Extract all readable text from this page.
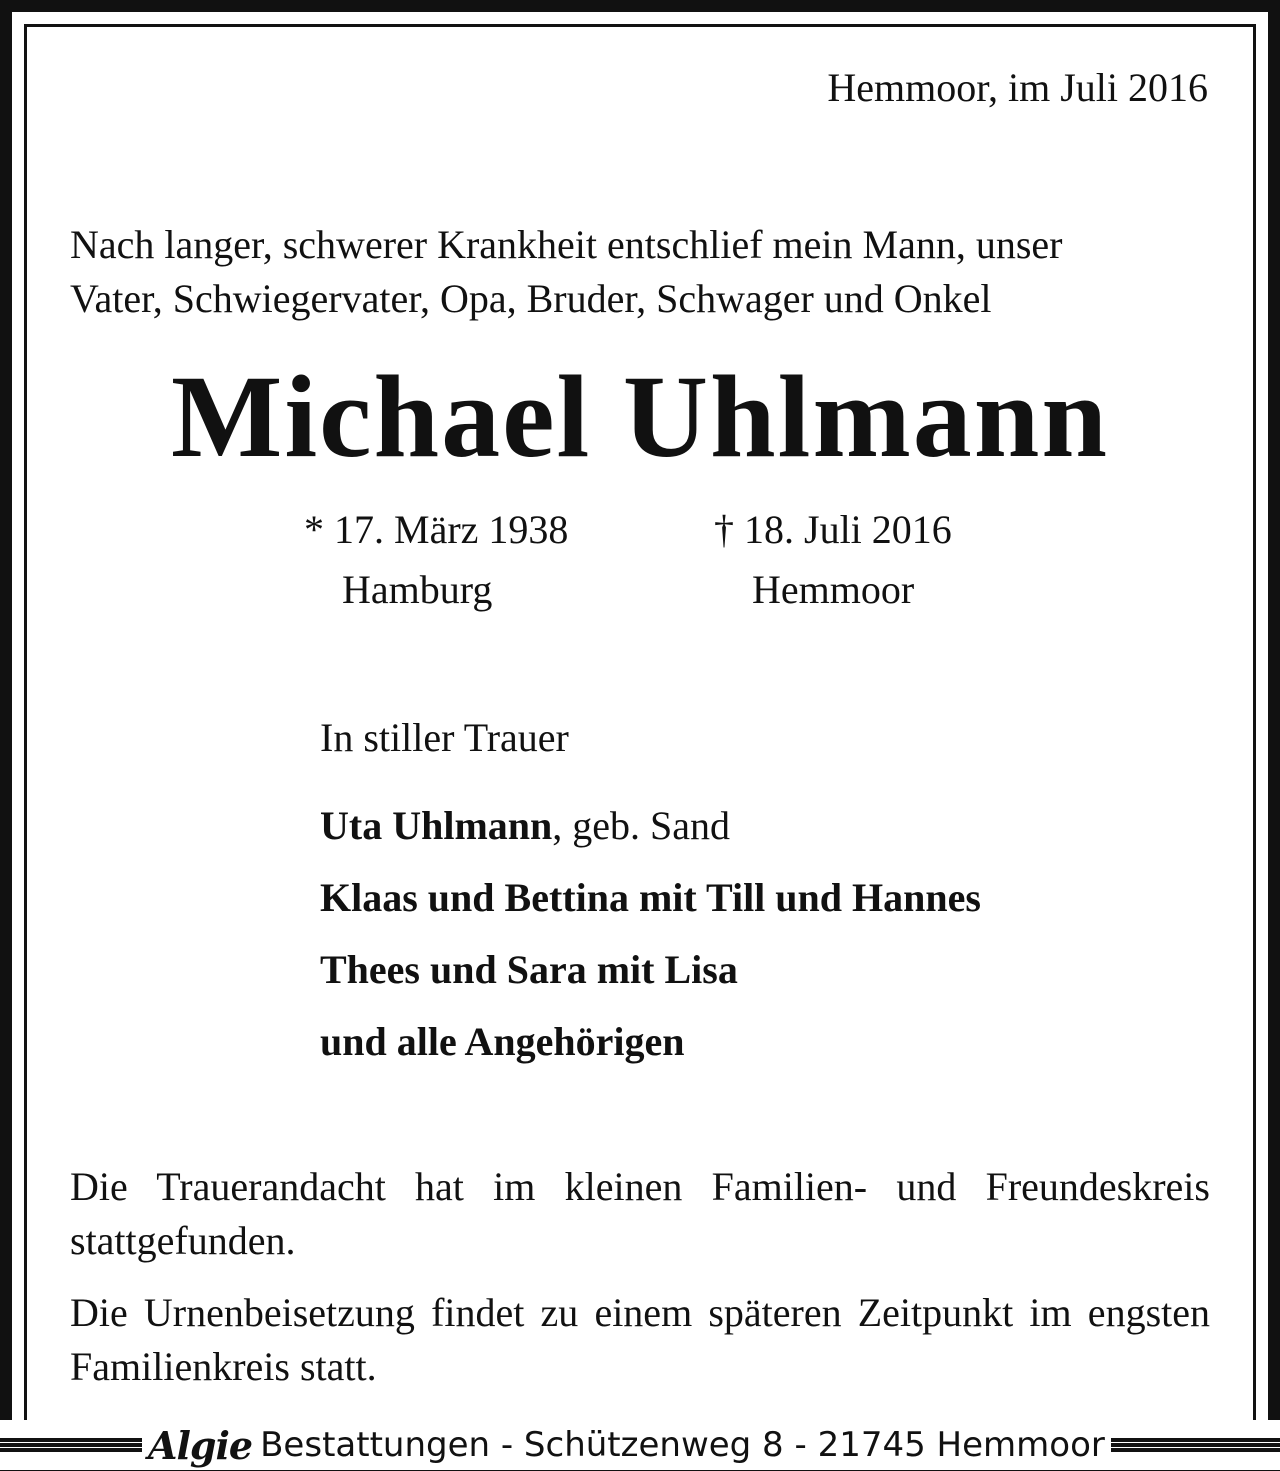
Hemmoor, im Juli 2016
Nach langer, schwerer Krankheit entschlief mein Mann, unser
Vater, Schwiegervater, Opa, Bruder, Schwager und Onkel
Michael Uhlmann
* 17. März 1938
Hamburg
† 18. Juli 2016
Hemmoor
In stiller Trauer
Uta Uhlmann, geb. Sand
Klaas und Bettina mit Till und Hannes
Thees und Sara mit Lisa
und alle Angehörigen
Die Trauerandacht hat im kleinen Familien- und Freundeskreis stattgefunden.
Die Urnenbeisetzung findet zu einem späteren Zeitpunkt im engsten Familienkreis statt.
Algie Bestattungen - Schützenweg 8 - 21745 Hemmoor
